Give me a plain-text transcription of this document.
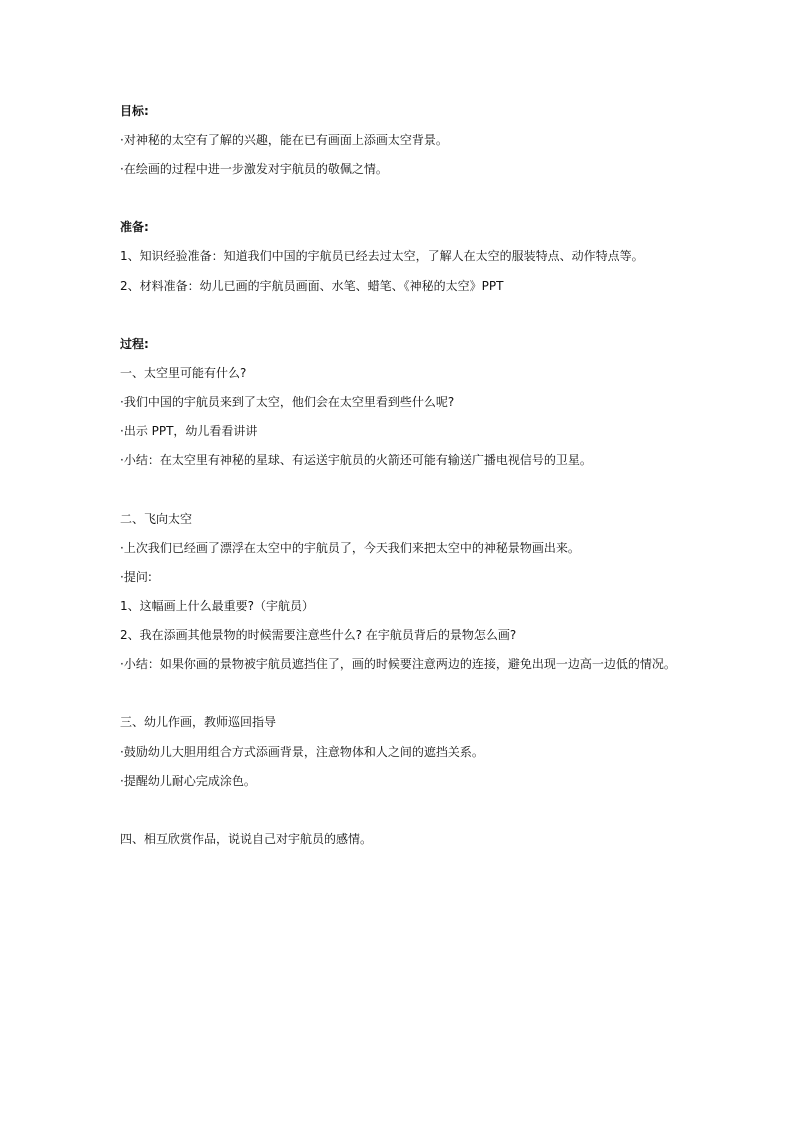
目标:
·对神秘的太空有了解的兴趣，能在已有画面上添画太空背景。
·在绘画的过程中进一步激发对宇航员的敬佩之情。
准备:
1、知识经验准备：知道我们中国的宇航员已经去过太空，了解人在太空的服装特点、动作特点等。
2、材料准备：幼儿已画的宇航员画面、水笔、蜡笔、《神秘的太空》PPT
过程:
一、太空里可能有什么?
·我们中国的宇航员来到了太空，他们会在太空里看到些什么呢?
·出示 PPT，幼儿看看讲讲
·小结：在太空里有神秘的星球、有运送宇航员的火箭还可能有输送广播电视信号的卫星。
二、飞向太空
·上次我们已经画了漂浮在太空中的宇航员了，今天我们来把太空中的神秘景物画出来。
·提问:
1、这幅画上什么最重要?（宇航员）
2、我在添画其他景物的时候需要注意些什么? 在宇航员背后的景物怎么画?
·小结：如果你画的景物被宇航员遮挡住了，画的时候要注意两边的连接，避免出现一边高一边低的情况。
三、幼儿作画，教师巡回指导
·鼓励幼儿大胆用组合方式添画背景，注意物体和人之间的遮挡关系。
·提醒幼儿耐心完成涂色。
四、相互欣赏作品，说说自己对宇航员的感情。
